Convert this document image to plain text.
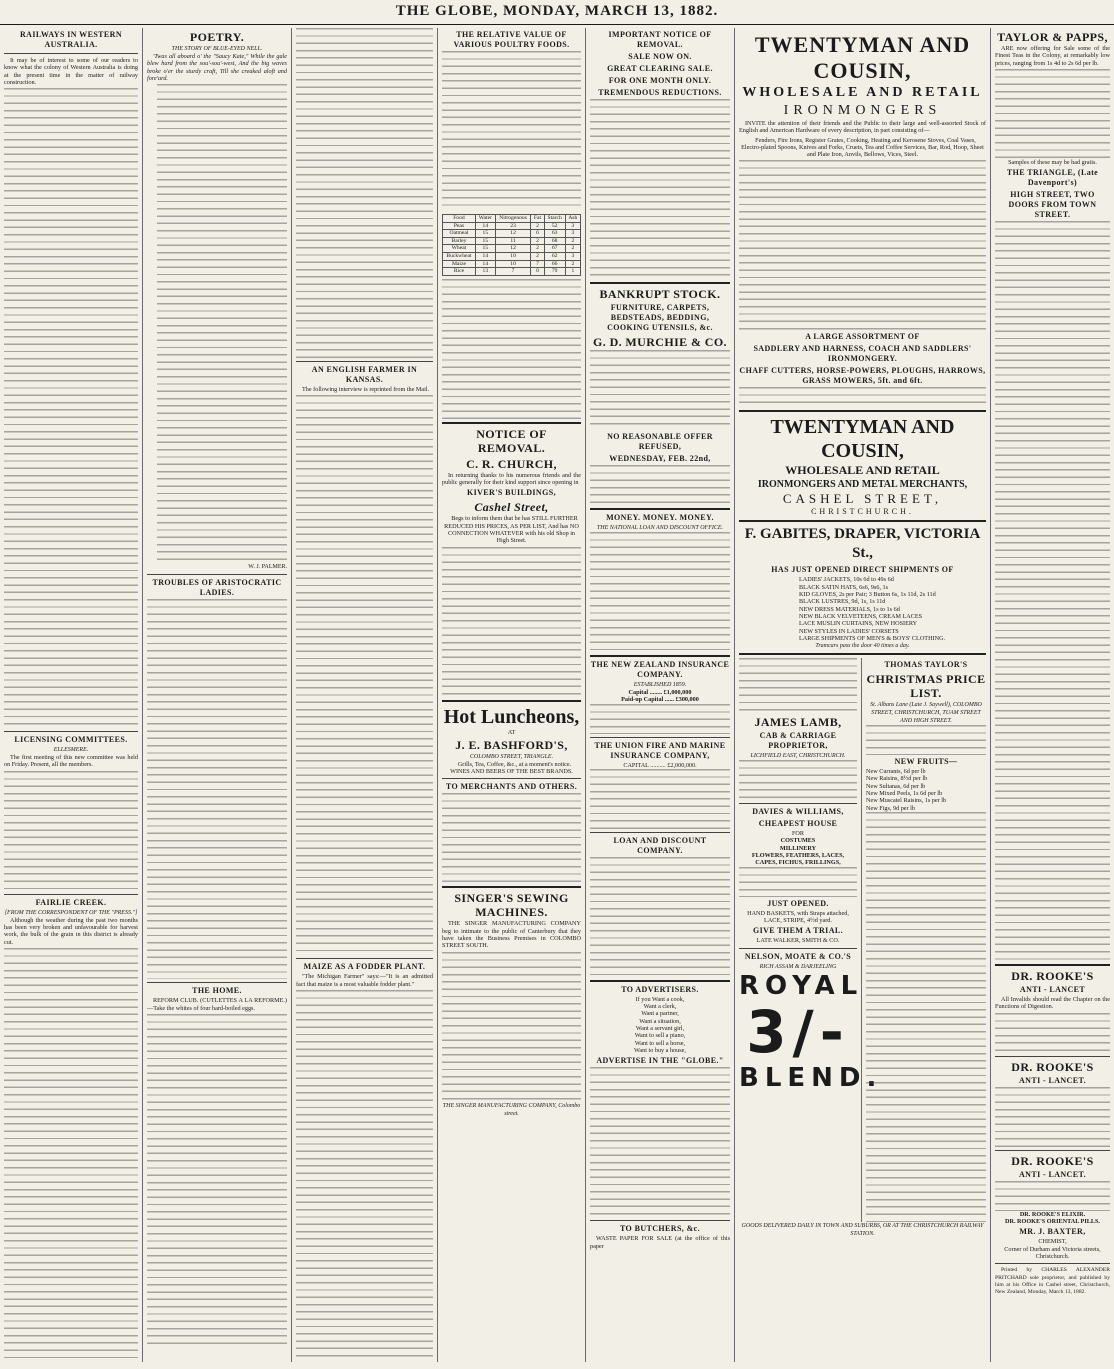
THE GLOBE, MONDAY, MARCH 13, 1882.
RAILWAYS IN WESTERN AUSTRALIA.
It may be of interest to some of our readers to know what the colony of Western Australia is doing at the present time in the matter of railway construction.
LICENSING COMMITTEES.
ELLESMERE.
The first meeting of this new committee was held on Friday. Present, all the members.
FAIRLIE CREEK.
[FROM THE CORRESPONDENT OF THE "PRESS."]
Although the weather during the past two months has been very broken and unfavourable for harvest work, the bulk of the grain in this district is already cut.
POETRY.
THE STORY OF BLUE-EYED NELL.
'Twas all aboard o' the "Saucy Kate," While the gale blew hard from the sou'-sou'-west, And the big waves broke o'er the sturdy craft, Till she creaked aloft and fore'ard.
W. J. PALMER.
TROUBLES OF ARISTOCRATIC LADIES.
THE HOME.
REFORM CLUB. (CUTLETTES A LA REFORME.)—Take the whites of four hard-boiled eggs.
AN ENGLISH FARMER IN KANSAS.
The following interview is reprinted from the Mail.
MAIZE AS A FODDER PLANT.
"The Michigan Farmer" says:—"It is an admitted fact that maize is a most valuable fodder plant."
THE RELATIVE VALUE OF VARIOUS POULTRY FOODS.
Food	Water	Nitrogenous	Fat	Starch	Ash
Peas	14	23	2	52	3
Oatmeal	15	12	6	63	3
Barley	15	11	2	68	2
Wheat	15	12	2	67	2
Buckwheat	14	10	2	62	3
Maize	14	10	7	66	2
Rice	13	7	0	79	1
NOTICE OF REMOVAL.
C. R. CHURCH,
In returning thanks to his numerous friends and the public generally for their kind support since opening in
KIVER'S BUILDINGS,
Cashel Street,
Begs to inform them that he has STILL FURTHER REDUCED HIS PRICES, AS PER LIST, And has NO CONNECTION WHATEVER with his old Shop in High Street.
Hot Luncheons,
AT
J. E. BASHFORD'S,
COLOMBO STREET, TRIANGLE.
Grills, Tea, Coffee, &c., at a moment's notice. WINES AND BEERS OF THE BEST BRANDS.
TO MERCHANTS AND OTHERS.
SINGER'S SEWING MACHINES.
THE SINGER MANUFACTURING COMPANY beg to intimate to the public of Canterbury that they have taken the Business Premises in COLOMBO STREET SOUTH.
THE SINGER MANUFACTURING COMPANY, Colombo street.
IMPORTANT NOTICE OF REMOVAL.
SALE NOW ON.
GREAT CLEARING SALE.
FOR ONE MONTH ONLY.
TREMENDOUS REDUCTIONS.
BANKRUPT STOCK.
FURNITURE, CARPETS, BEDSTEADS, BEDDING, COOKING UTENSILS, &c.
G. D. MURCHIE & CO.
NO REASONABLE OFFER REFUSED,
WEDNESDAY, FEB. 22nd,
MONEY. MONEY. MONEY.
THE NATIONAL LOAN AND DISCOUNT OFFICE.
THE NEW ZEALAND INSURANCE COMPANY.
ESTABLISHED 1859.
Capital ........ £1,000,000
Paid-up Capital ...... £300,000
THE UNION FIRE AND MARINE INSURANCE COMPANY,
CAPITAL .......... £2,000,000.
LOAN AND DISCOUNT COMPANY.
TO ADVERTISERS.
If you Want a cook,
Want a clerk,
Want a partner,
Want a situation,
Want a servant girl,
Want to sell a piano,
Want to sell a horse,
Want to buy a house,
ADVERTISE IN THE "GLOBE."
TO BUTCHERS, &c.
WASTE PAPER FOR SALE (at the office of this paper
TWENTYMAN AND COUSIN,
WHOLESALE AND RETAIL
IRONMONGERS
INVITE the attention of their friends and the Public to their large and well-assorted Stock of English and American Hardware of every description, in part consisting of—
Fenders, Fire Irons, Register Grates, Cooking, Heating and Kerosene Stoves, Coal Vases, Electro-plated Spoons, Knives and Forks, Cruets, Tea and Coffee Services, Bar, Rod, Hoop, Sheet and Plate Iron, Anvils, Bellows, Vices, Steel.
A LARGE ASSORTMENT OF
SADDLERY AND HARNESS, COACH AND SADDLERS' IRONMONGERY.
CHAFF CUTTERS, HORSE-POWERS, PLOUGHS, HARROWS, GRASS MOWERS, 5ft. and 6ft.
TWENTYMAN AND COUSIN,
WHOLESALE AND RETAIL
IRONMONGERS AND METAL MERCHANTS,
CASHEL STREET,
CHRISTCHURCH.
F. GABITES, DRAPER, VICTORIA St.,
HAS JUST OPENED DIRECT SHIPMENTS OF
LADIES' JACKETS, 10s 6d to 49s 6d
BLACK SATIN HATS, 6s6, 9s6, 1s
KID GLOVES, 2s per Pair; 3 Button 6s, 1s 11d, 2s 11d
BLACK LUSTRES, 9d, 1s, 1s 11d
NEW DRESS MATERIALS, 1s to 1s 6d
NEW BLACK VELVETEENS, CREAM LACES
LACE MUSLIN CURTAINS, NEW HOSIERY
NEW STYLES IN LADIES' CORSETS
LARGE SHIPMENTS OF MEN'S & BOYS' CLOTHING.
Tramcars pass the door 40 times a day.
JAMES LAMB,
CAB & CARRIAGE PROPRIETOR,
LICHFIELD EAST, CHRISTCHURCH.
DAVIES & WILLIAMS,
CHEAPEST HOUSE
FOR
COSTUMES
MILLINERY
FLOWERS, FEATHERS, LACES,
CAPES, FICHUS, FRILLINGS,
JUST OPENED.
HAND BASKETS, with Straps attached,
LACE, STRIPE, 4½d yard.
GIVE THEM A TRIAL.
LATE WALKER, SMITH & CO.
NELSON, MOATE & CO.'S
RICH ASSAM & DARJEELING
ROYAL
3/-
BLEND.
THOMAS TAYLOR'S
CHRISTMAS PRICE LIST.
St. Albans Lane (Late J. Saywell), COLOMBO STREET, CHRISTCHURCH, TUAM STREET AND HIGH STREET.
NEW FRUITS—
New Currants, 6d per lb
New Raisins, 8½d per lb
New Sultanas, 6d per lb
New Mixed Peels, 1s 6d per lb
New Muscatel Raisins, 1s per lb
New Figs, 9d per lb
GOODS DELIVERED DAILY IN TOWN AND SUBURBS, OR AT THE CHRISTCHURCH RAILWAY STATION.
TAYLOR & PAPPS,
ARE now offering for Sale some of the Finest Teas in the Colony, at remarkably low prices, ranging from 1s 4d to 2s 6d per lb.
Samples of these may be had gratis.
THE TRIANGLE, (Late Davenport's)
HIGH STREET, TWO DOORS FROM TOWN STREET.
DR. ROOKE'S
ANTI - LANCET
All Invalids should read the Chapter on the Functions of Digestion.
DR. ROOKE'S
ANTI - LANCET.
DR. ROOKE'S
ANTI - LANCET.
DR. ROOKE'S ELIXIR.
DR. ROOKE'S ORIENTAL PILLS.
MR. J. BAXTER,
CHEMIST,
Corner of Durham and Victoria streets, Christchurch.
Printed by CHARLES ALEXANDER PRITCHARD sole proprietor, and published by him at his Office in Cashel street, Christchurch, New Zealand, Monday, March 13, 1882.
